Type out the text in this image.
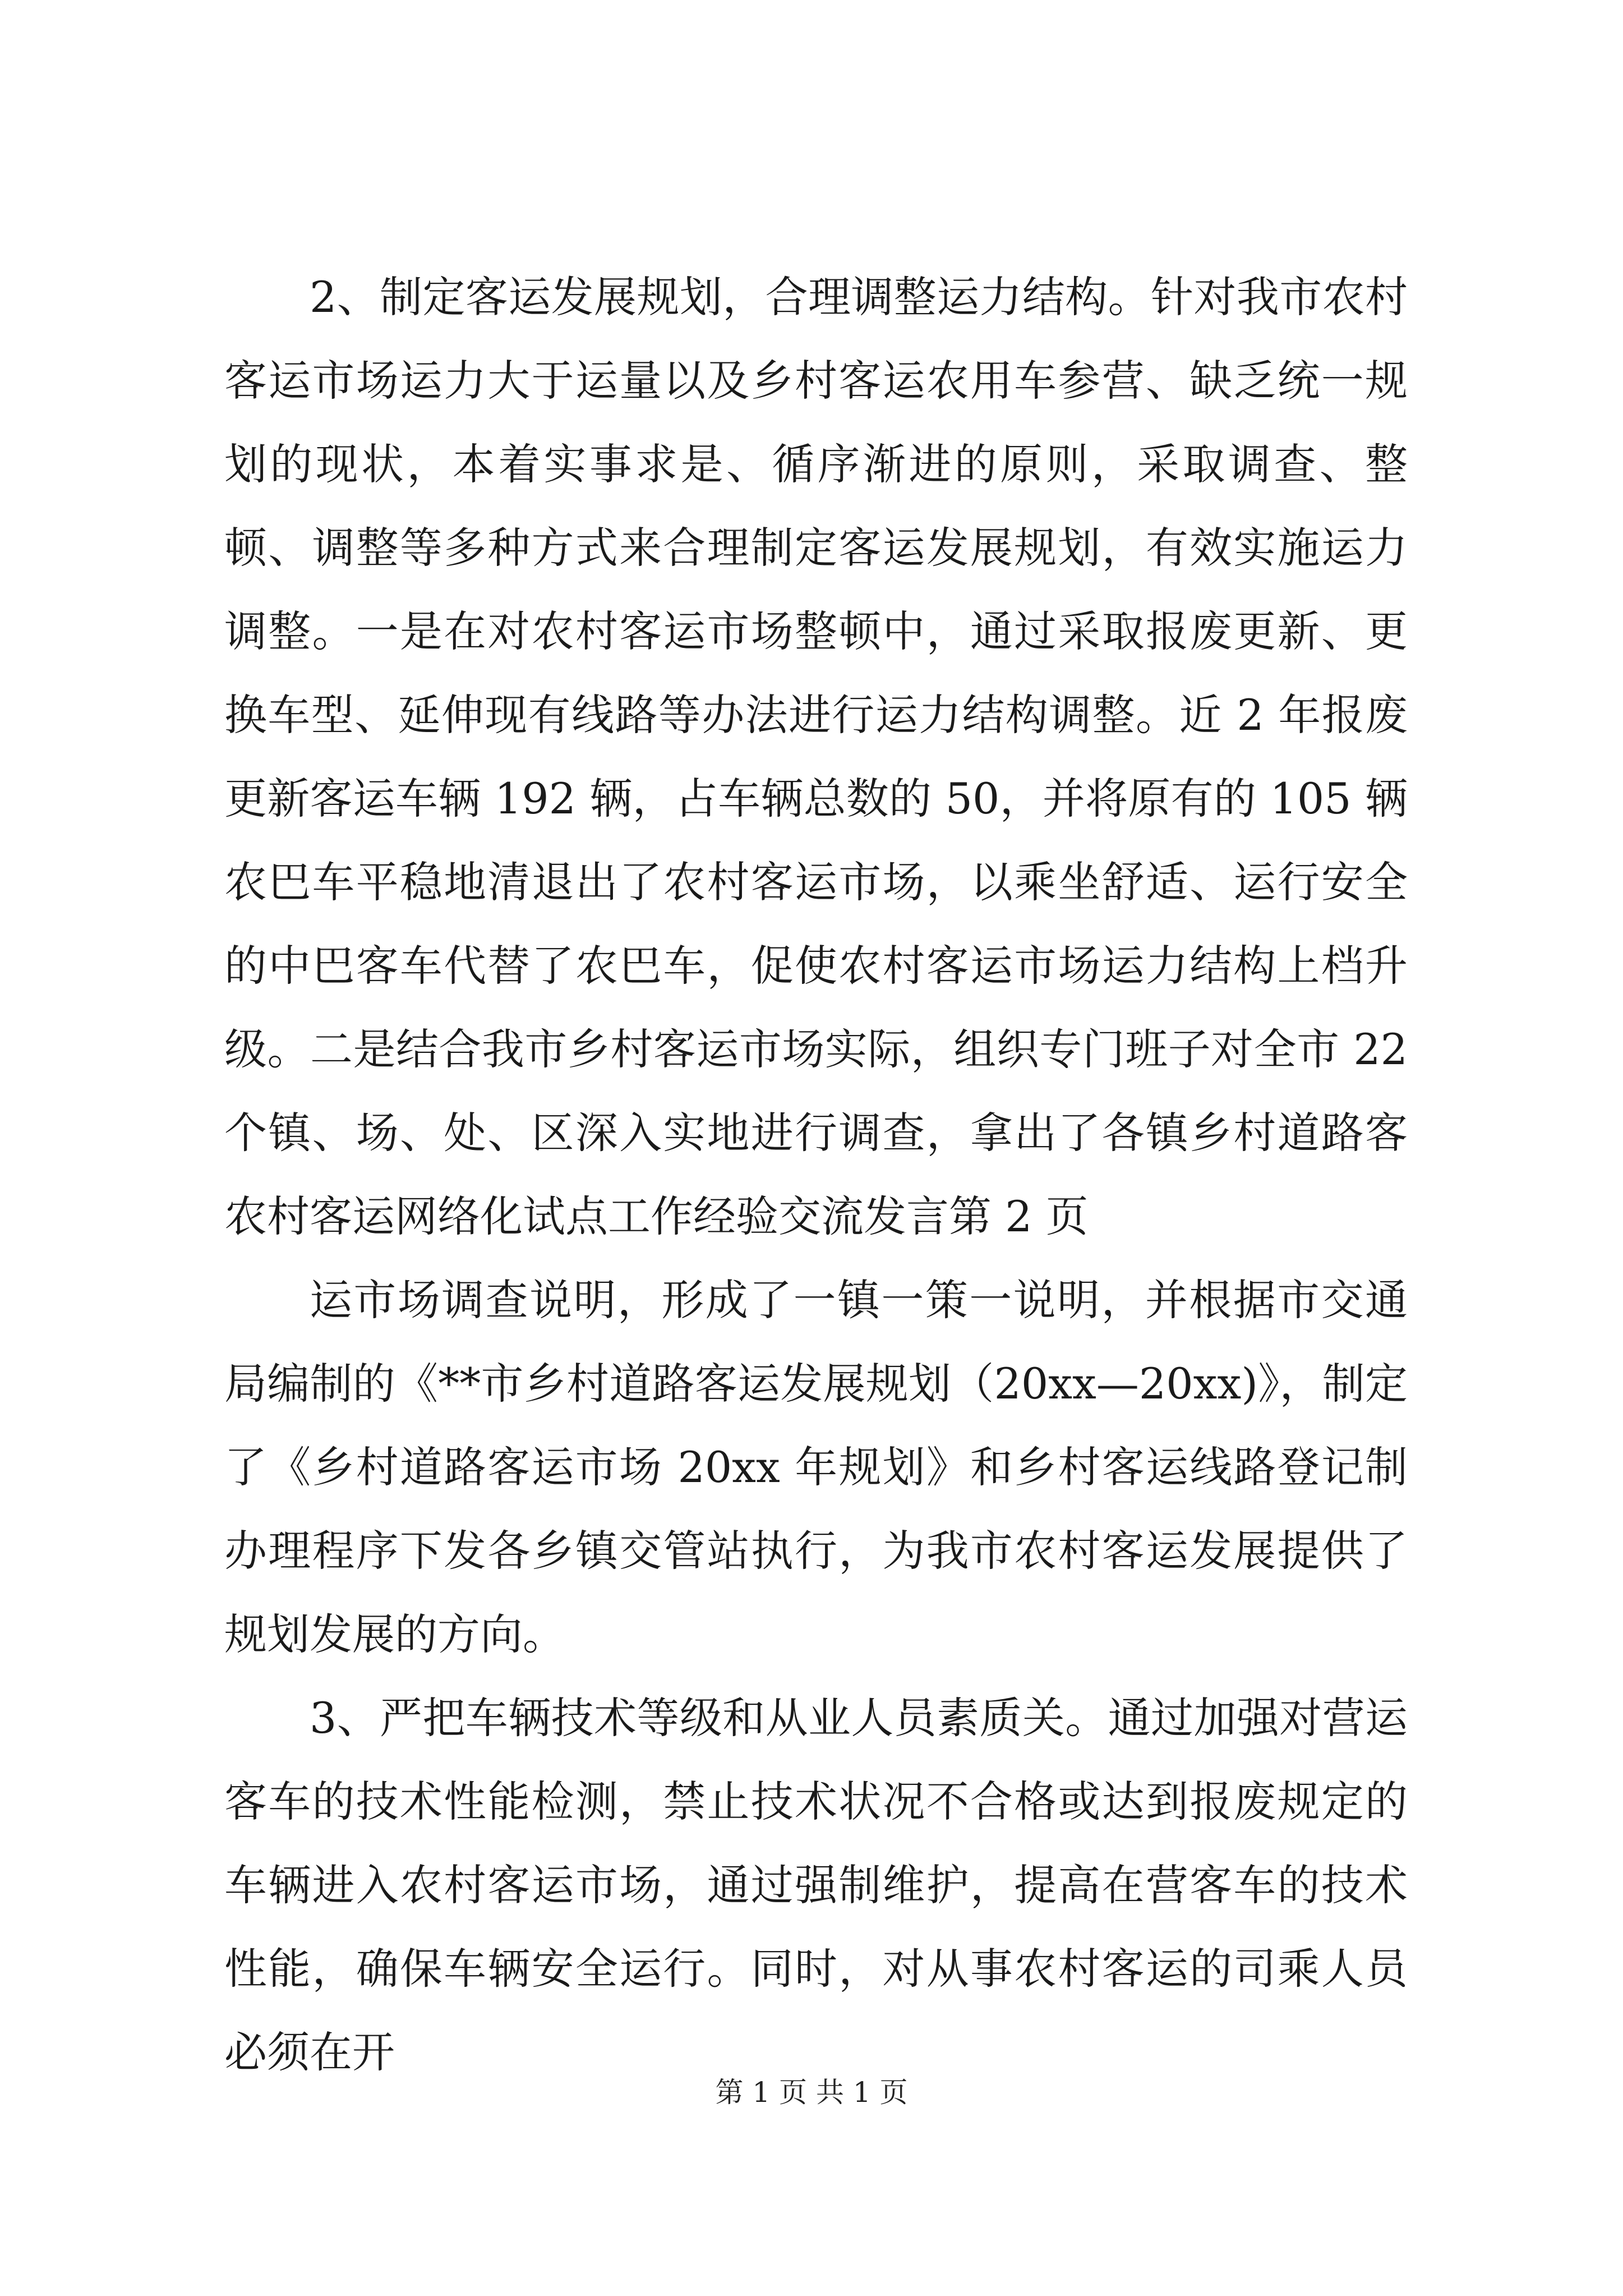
2、制定客运发展规划，合理调整运力结构。针对我市农村客运市场运力大于运量以及乡村客运农用车参营、缺乏统一规划的现状，本着实事求是、循序渐进的原则，采取调查、整顿、调整等多种方式来合理制定客运发展规划，有效实施运力调整。一是在对农村客运市场整顿中，通过采取报废更新、更换车型、延伸现有线路等办法进行运力结构调整。近 2 年报废更新客运车辆 192 辆，占车辆总数的 50，并将原有的 105 辆农巴车平稳地清退出了农村客运市场，以乘坐舒适、运行安全的中巴客车代替了农巴车，促使农村客运市场运力结构上档升级。二是结合我市乡村客运市场实际，组织专门班子对全市 22 个镇、场、处、区深入实地进行调查，拿出了各镇乡村道路客农村客运网络化试点工作经验交流发言第 2 页

运市场调查说明，形成了一镇一策一说明，并根据市交通局编制的《**市乡村道路客运发展规划（20xx—20xx)》，制定了《乡村道路客运市场 20xx 年规划》和乡村客运线路登记制办理程序下发各乡镇交管站执行，为我市农村客运发展提供了规划发展的方向。

3、严把车辆技术等级和从业人员素质关。通过加强对营运客车的技术性能检测，禁止技术状况不合格或达到报废规定的车辆进入农村客运市场，通过强制维护，提高在营客车的技术性能，确保车辆安全运行。同时，对从事农村客运的司乘人员必须在开

第 1 页 共 1 页
